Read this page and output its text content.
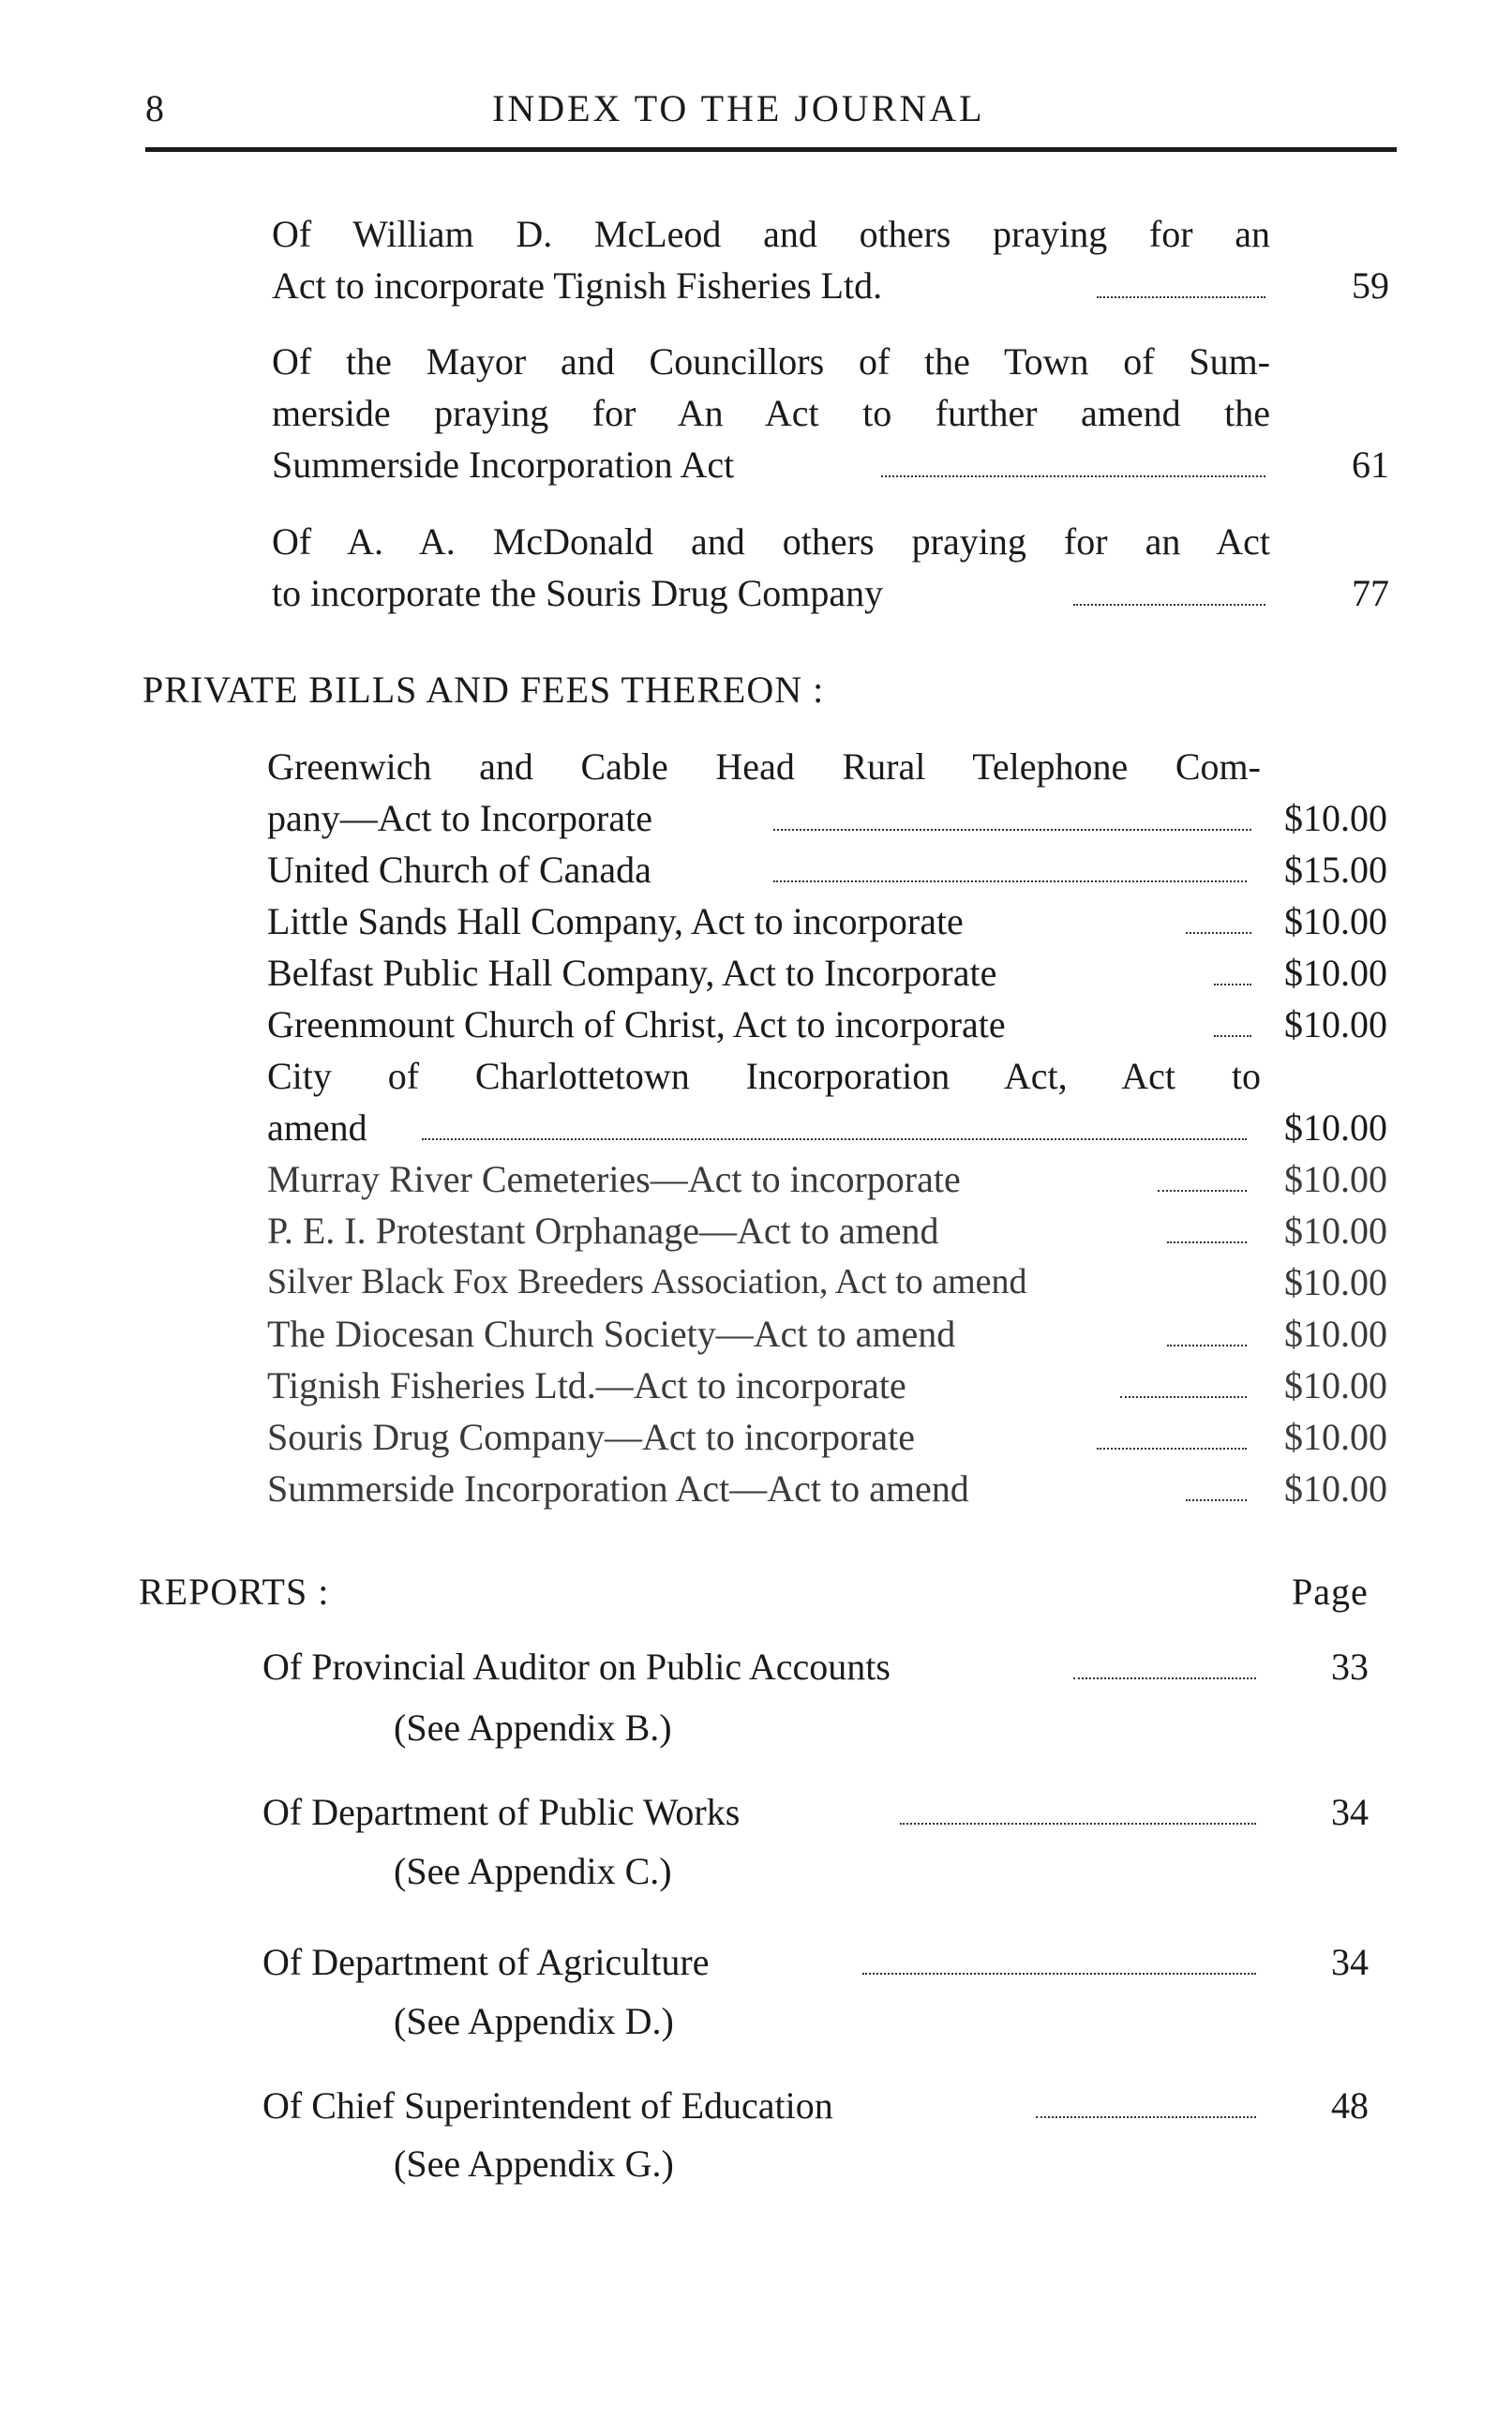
8	INDEX TO THE JOURNAL
Of William D. McLeod and others praying for an
Act to incorporate Tignish Fisheries Ltd.	59
Of the Mayor and Councillors of the Town of Sum-
merside praying for An Act to further amend the
Summerside Incorporation Act	61
Of A. A. McDonald and others praying for an Act
to incorporate the Souris Drug Company	77
PRIVATE BILLS AND FEES THEREON :
Greenwich and Cable Head Rural Telephone Com-
pany—Act to Incorporate	$10.00
United Church of Canada	$15.00
Little Sands Hall Company, Act to incorporate	$10.00
Belfast Public Hall Company, Act to Incorporate	$10.00
Greenmount Church of Christ, Act to incorporate	$10.00
City of Charlottetown Incorporation Act, Act to
amend	$10.00
Murray River Cemeteries—Act to incorporate	$10.00
P. E. I. Protestant Orphanage—Act to amend	$10.00
Silver Black Fox Breeders Association, Act to amend	$10.00
The Diocesan Church Society—Act to amend	$10.00
Tignish Fisheries Ltd.—Act to incorporate	$10.00
Souris Drug Company—Act to incorporate	$10.00
Summerside Incorporation Act—Act to amend	$10.00
REPORTS :	Page
Of Provincial Auditor on Public Accounts	33
(See Appendix B.)
Of Department of Public Works	34
(See Appendix C.)
Of Department of Agriculture	34
(See Appendix D.)
Of Chief Superintendent of Education	48
(See Appendix G.)
